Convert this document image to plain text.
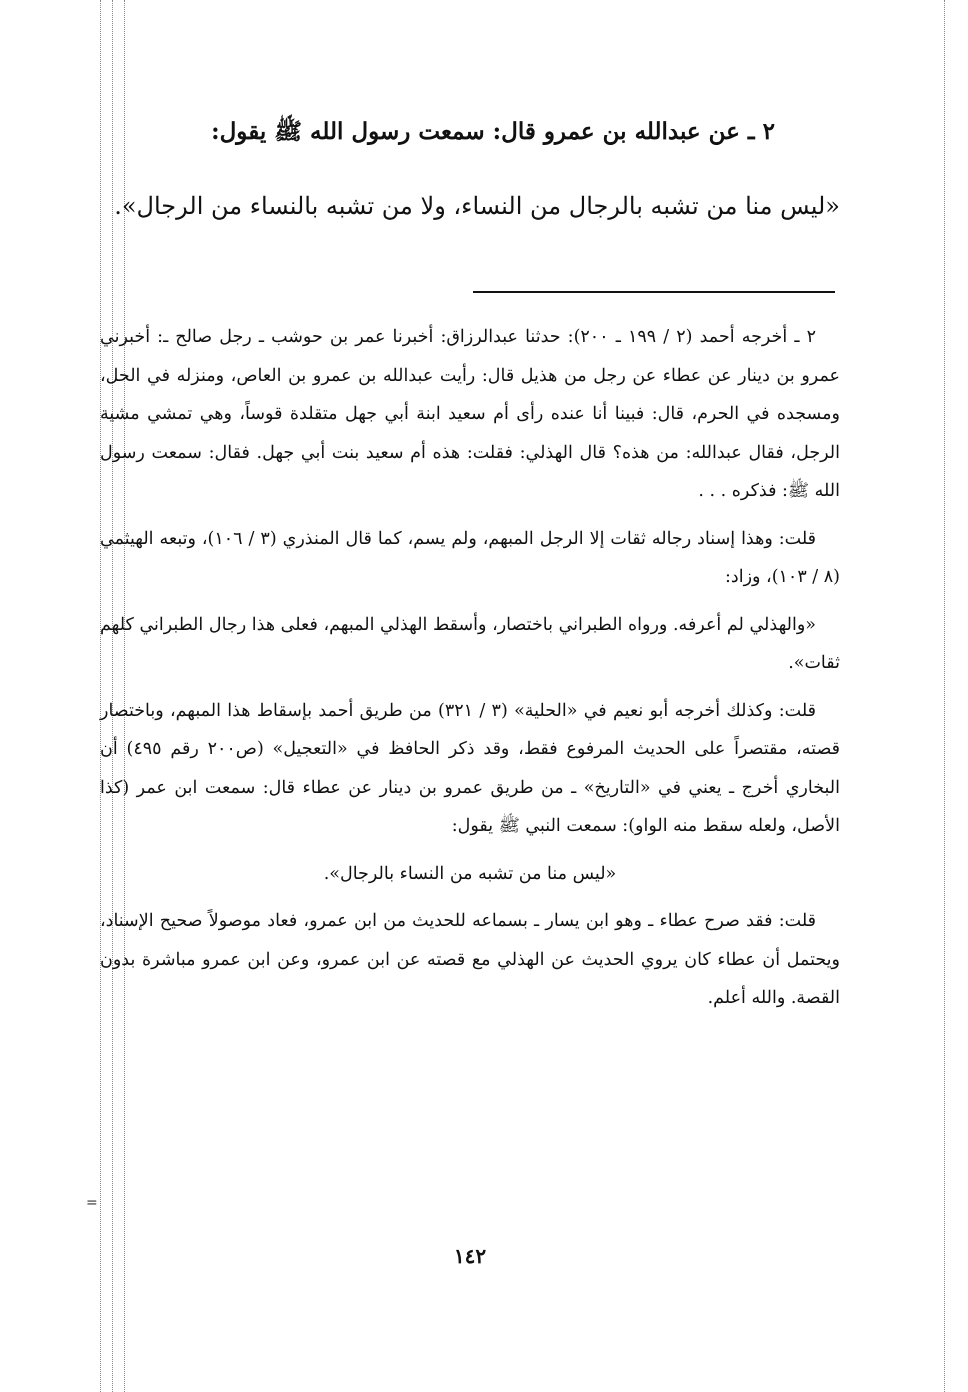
=
٢ ـ عن عبدالله بن عمرو قال: سمعت رسول الله ﷺ يقول:
«ليس منا من تشبه بالرجال من النساء، ولا من تشبه بالنساء من الرجال».

٢ ـ أخرجه أحمد (٢ / ١٩٩ ـ ٢٠٠): حدثنا عبدالرزاق: أخبرنا عمر بن حوشب ـ رجل صالح ـ: أخبرني عمرو بن دينار عن عطاء عن رجل من هذيل قال: رأيت عبدالله بن عمرو بن العاص، ومنزله في الحل، ومسجده في الحرم، قال: فبينا أنا عنده رأى أم سعيد ابنة أبي جهل متقلدة قوساً، وهي تمشي مشية الرجل، فقال عبدالله: من هذه؟ قال الهذلي: فقلت: هذه أم سعيد بنت أبي جهل. فقال: سمعت رسول الله ﷺ: فذكره . . .

قلت: وهذا إسناد رجاله ثقات إلا الرجل المبهم، ولم يسم، كما قال المنذري (٣ / ١٠٦)، وتبعه الهيثمي (٨ / ١٠٣)، وزاد:

«والهذلي لم أعرفه. ورواه الطبراني باختصار، وأسقط الهذلي المبهم، فعلى هذا رجال الطبراني كلهم ثقات».

قلت: وكذلك أخرجه أبو نعيم في «الحلية» (٣ / ٣٢١) من طريق أحمد بإسقاط هذا المبهم، وباختصار قصته، مقتصراً على الحديث المرفوع فقط، وقد ذكر الحافظ في «التعجيل» (ص٢٠٠ رقم ٤٩٥) أن البخاري أخرج ـ يعني في «التاريخ» ـ من طريق عمرو بن دينار عن عطاء قال: سمعت ابن عمر (كذا الأصل، ولعله سقط منه الواو): سمعت النبي ﷺ يقول:

«ليس منا من تشبه من النساء بالرجال».

قلت: فقد صرح عطاء ـ وهو ابن يسار ـ بسماعه للحديث من ابن عمرو، فعاد موصولاً صحيح الإسناد، ويحتمل أن عطاء كان يروي الحديث عن الهذلي مع قصته عن ابن عمرو، وعن ابن عمرو مباشرة بدون القصة. والله أعلم.

١٤٢
